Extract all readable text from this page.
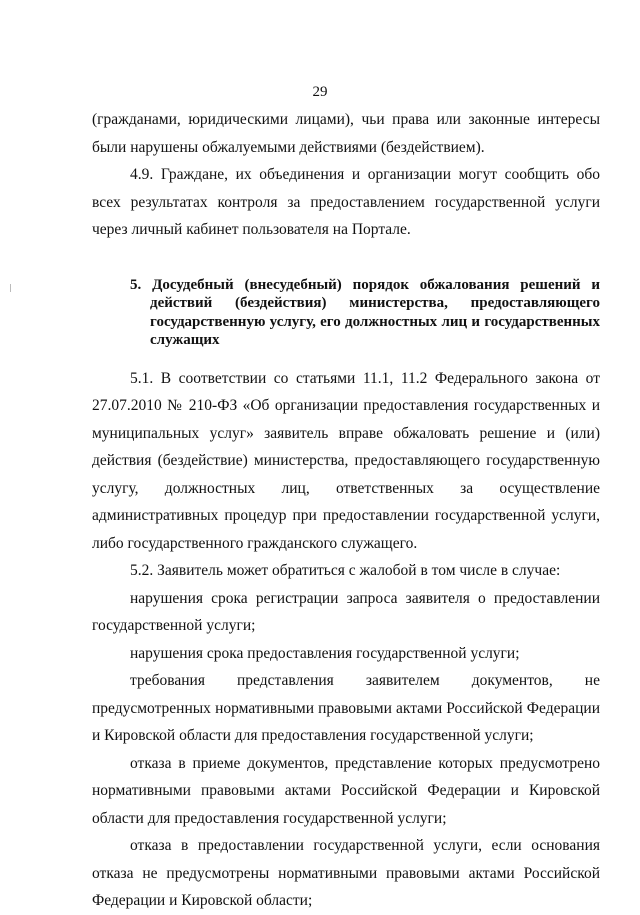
29

(гражданами, юридическими лицами), чьи права или законные интересы были нарушены обжалуемыми действиями (бездействием).

4.9. Граждане, их объединения и организации могут сообщить обо всех результатах контроля за предоставлением государственной услуги через личный кабинет пользователя на Портале.

5. Досудебный (внесудебный) порядок обжалования решений и действий (бездействия) министерства, предоставляющего государственную услугу, его должностных лиц и государственных служащих

5.1. В соответствии со статьями 11.1, 11.2 Федерального закона от 27.07.2010 № 210-ФЗ «Об организации предоставления государственных и муниципальных услуг» заявитель вправе обжаловать решение и (или) действия (бездействие) министерства, предоставляющего государственную услугу, должностных лиц, ответственных за осуществление административных процедур при предоставлении государственной услуги, либо государственного гражданского служащего.

5.2. Заявитель может обратиться с жалобой в том числе в случае:

нарушения срока регистрации запроса заявителя о предоставлении государственной услуги;

нарушения срока предоставления государственной услуги;

требования представления заявителем документов, не предусмотренных нормативными правовыми актами Российской Федерации и Кировской области для предоставления государственной услуги;

отказа в приеме документов, представление которых предусмотрено нормативными правовыми актами Российской Федерации и Кировской области для предоставления государственной услуги;

отказа в предоставлении государственной услуги, если основания отказа не предусмотрены нормативными правовыми актами Российской Федерации и Кировской области;
